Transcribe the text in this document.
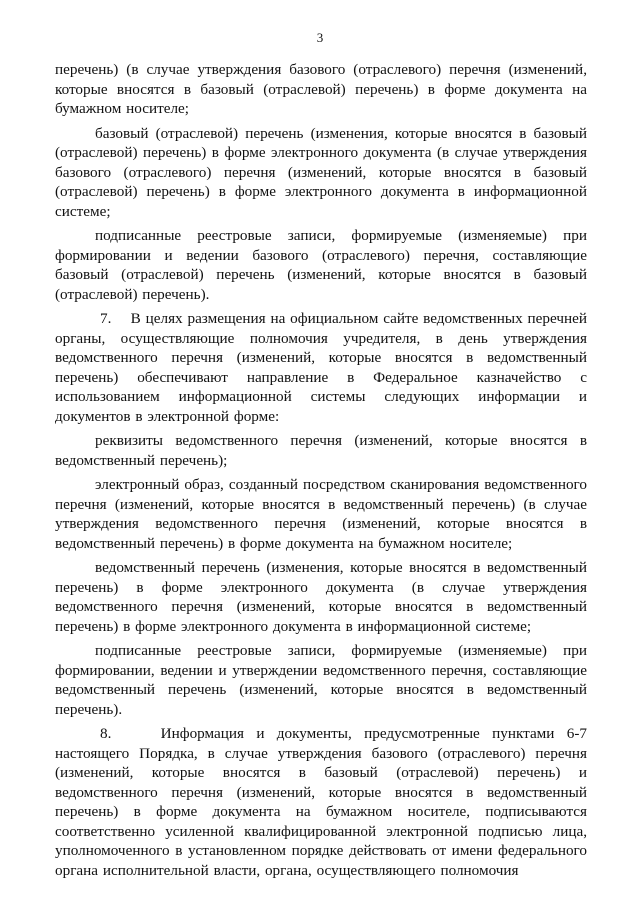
3

перечень) (в случае утверждения базового (отраслевого) перечня (изменений, которые вносятся в базовый (отраслевой) перечень) в форме документа на бумажном носителе;

базовый (отраслевой) перечень (изменения, которые вносятся в базовый (отраслевой) перечень) в форме электронного документа (в случае утверждения базового (отраслевого) перечня (изменений, которые вносятся в базовый (отраслевой) перечень) в форме электронного документа в информационной системе;

подписанные реестровые записи, формируемые (изменяемые) при формировании и ведении базового (отраслевого) перечня, составляющие базовый (отраслевой) перечень (изменений, которые вносятся в базовый (отраслевой) перечень).

7.    В целях размещения на официальном сайте ведомственных перечней органы, осуществляющие полномочия учредителя, в день утверждения ведомственного перечня (изменений, которые вносятся в ведомственный перечень) обеспечивают направление в Федеральное казначейство с использованием информационной системы следующих информации и документов в электронной форме:

реквизиты ведомственного перечня (изменений, которые вносятся в ведомственный перечень);

электронный образ, созданный посредством сканирования ведомственного перечня (изменений, которые вносятся в ведомственный перечень) (в случае утверждения ведомственного перечня (изменений, которые вносятся в ведомственный перечень) в форме документа на бумажном носителе;

ведомственный перечень (изменения, которые вносятся в ведомственный перечень) в форме электронного документа (в случае утверждения ведомственного перечня (изменений, которые вносятся в ведомственный перечень) в форме электронного документа в информационной системе;

подписанные реестровые записи, формируемые (изменяемые) при формировании, ведении и утверждении ведомственного перечня, составляющие ведомственный перечень (изменений, которые вносятся в ведомственный перечень).

8.    Информация и документы, предусмотренные пунктами 6-7 настоящего Порядка, в случае утверждения базового (отраслевого) перечня (изменений, которые вносятся в базовый (отраслевой) перечень) и ведомственного перечня (изменений, которые вносятся в ведомственный перечень) в форме документа на бумажном носителе, подписываются соответственно усиленной квалифицированной электронной подписью лица, уполномоченного в установленном порядке действовать от имени федерального органа исполнительной власти, органа, осуществляющего полномочия
